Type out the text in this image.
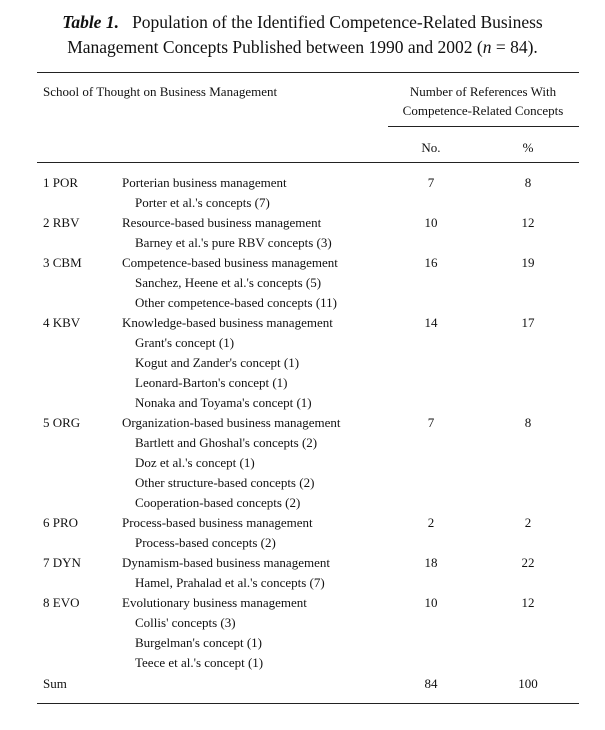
Table 1. Population of the Identified Competence-Related Business
Management Concepts Published between 1990 and 2002 (n = 84).
School of Thought on Business Management	Number of References With
Competence-Related Concepts
No.	%
1 POR	Porterian business management	7	8
Porter et al.'s concepts (7)
2 RBV	Resource-based business management	10	12
Barney et al.'s pure RBV concepts (3)
3 CBM	Competence-based business management	16	19
Sanchez, Heene et al.'s concepts (5)
Other competence-based concepts (11)
4 KBV	Knowledge-based business management	14	17
Grant's concept (1)
Kogut and Zander's concept (1)
Leonard-Barton's concept (1)
Nonaka and Toyama's concept (1)
5 ORG	Organization-based business management	7	8
Bartlett and Ghoshal's concepts (2)
Doz et al.'s concept (1)
Other structure-based concepts (2)
Cooperation-based concepts (2)
6 PRO	Process-based business management	2	2
Process-based concepts (2)
7 DYN	Dynamism-based business management	18	22
Hamel, Prahalad et al.'s concepts (7)
8 EVO	Evolutionary business management	10	12
Collis' concepts (3)
Burgelman's concept (1)
Teece et al.'s concept (1)
Sum	84	100
